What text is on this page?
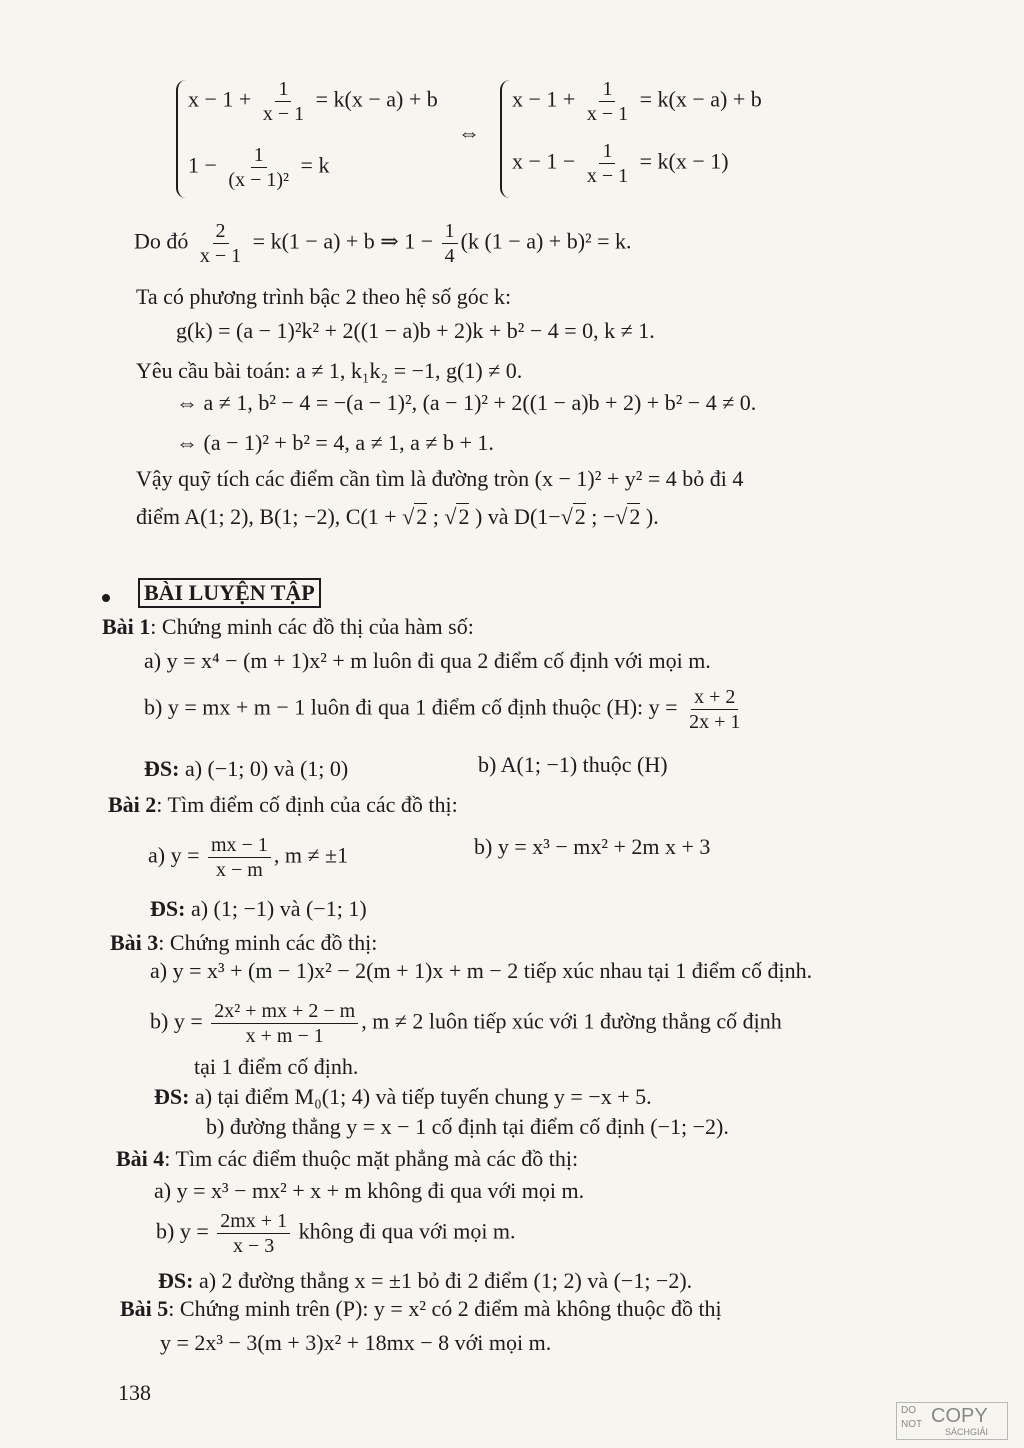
$x - 1 + \frac{1}{x - 1} = k(x - a) + b$
$1 - \frac{1}{\text{(x − 1)²}} = k$
⇔
$x - 1 + \frac{1}{x - 1} = k(x - a) + b$
$x - 1 - \frac{1}{x - 1} = k(x - 1)$
Do đó $\frac{2}{x - 1} = k(1 - a) + b$ ⇒ $1 - \frac{1}{4} (k$ (1 − a) + b)² = k.
Ta có phương trình bậc 2 theo hệ số góc k:
g(k) = (a − 1)²k² + 2((1 − a)b + 2)k + b² − 4 = 0, k ≠ 1.
Yêu cầu bài toán: a ≠ 1, k₁k₂ = −1, g(1) ≠ 0.
⇔ a ≠ 1, b² − 4 = −(a − 1)², (a − 1)² + 2((1 − a)b + 2) + b² − 4 ≠ 0.
⇔ (a − 1)² + b² = 4, a ≠ 1, a ≠ b + 1.
Vậy quỹ tích các điểm cần tìm là đường tròn (x − 1)² + y² = 4 bỏ đi 4
điểm A(1; 2), B(1; −2), C(1 + √2 ; √2 ) và D(1−√2 ; −√2 ).
BÀI LUYỆN TẬP
Bài 1: Chứng minh các đồ thị của hàm số:
a) y = x⁴ − (m + 1)x² + m luôn đi qua 2 điểm cố định với mọi m.
b) y = mx + m − 1 luôn đi qua 1 điểm cố định thuộc (H): $y = \frac{x + 2}{2x + 1}$
ĐS: a) (−1; 0) và (1; 0)	b) A(1; −1) thuộc (H)
Bài 2: Tìm điểm cố định của các đồ thị:
a) $y = \frac{mx - 1}{x - m}$ , m ≠ ±1	b) y = x³ − mx² + 2m x + 3
ĐS: a) (1; −1) và (−1; 1)
Bài 3: Chứng minh các đồ thị:
a) y = x³ + (m − 1)x² − 2(m + 1)x + m − 2 tiếp xúc nhau tại 1 điểm cố định.
b) $y = \frac{\text{2x² + mx + 2 − m}}{x + m - 1}$ , m ≠ 2 luôn tiếp xúc với 1 đường thẳng cố định
tại 1 điểm cố định.
ĐS: a) tại điểm M₀(1; 4) và tiếp tuyến chung y = −x + 5.
b) đường thẳng y = x − 1 cố định tại điểm cố định (−1; −2).
Bài 4: Tìm các điểm thuộc mặt phẳng mà các đồ thị:
a) y = x³ − mx² + x + m không đi qua với mọi m.
b) $y = \frac{2mx + 1}{x - 3}$ không đi qua với mọi m.
ĐS: a) 2 đường thẳng x = ±1 bỏ đi 2 điểm (1; 2) và (−1; −2).
Bài 5: Chứng minh trên (P): y = x² có 2 điểm mà không thuộc đồ thị
y = 2x³ − 3(m + 3)x² + 18mx − 8 với mọi m.
138
DO
NOT COPY
SÁCHGIẢI
